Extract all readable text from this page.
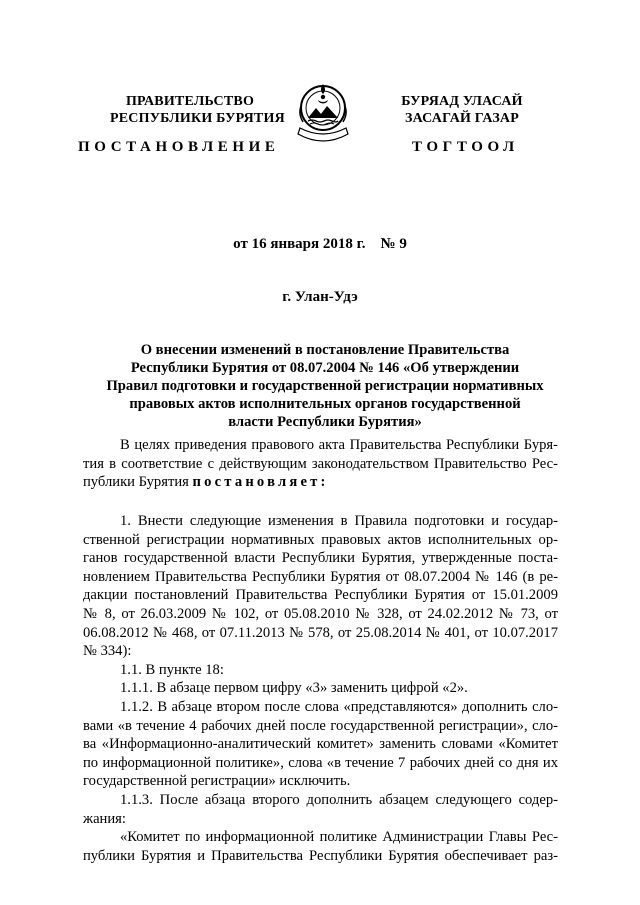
ПРАВИТЕЛЬСТВО
РЕСПУБЛИКИ БУРЯТИЯ
БУРЯАД УЛАСАЙ
ЗАСАГАЙ ГАЗАР
ПОСТАНОВЛЕНИЕ	ТОГТООЛ
от 16 января 2018 г.    № 9
г. Улан-Удэ
О внесении изменений в постановление Правительства
Республики Бурятия от 08.07.2004 № 146 «Об утверждении
Правил подготовки и государственной регистрации нормативных
правовых актов исполнительных органов государственной
власти Республики Бурятия»
В целях приведения правового акта Правительства Республики Буря-
тия в соответствие с действующим законодательством Правительство Рес-
публики Бурятия постановляет:
1. Внести следующие изменения в Правила подготовки и государ-
ственной регистрации нормативных правовых актов исполнительных ор-
ганов государственной власти Республики Бурятия, утвержденные поста-
новлением Правительства Республики Бурятия от 08.07.2004 № 146 (в ре-
дакции постановлений Правительства Республики Бурятия от 15.01.2009
№ 8, от 26.03.2009 № 102, от 05.08.2010 № 328, от 24.02.2012 № 73, от
06.08.2012 № 468, от 07.11.2013 № 578, от 25.08.2014 № 401, от 10.07.2017
№ 334):
1.1. В пункте 18:
1.1.1. В абзаце первом цифру «3» заменить цифрой «2».
1.1.2. В абзаце втором после слова «представляются» дополнить сло-
вами «в течение 4 рабочих дней после государственной регистрации», сло-
ва «Информационно-аналитический комитет» заменить словами «Комитет
по информационной политике», слова «в течение 7 рабочих дней со дня их
государственной регистрации» исключить.
1.1.3. После абзаца второго дополнить абзацем следующего содер-
жания:
«Комитет по информационной политике Администрации Главы Рес-
публики Бурятия и Правительства Республики Бурятия обеспечивает раз-
